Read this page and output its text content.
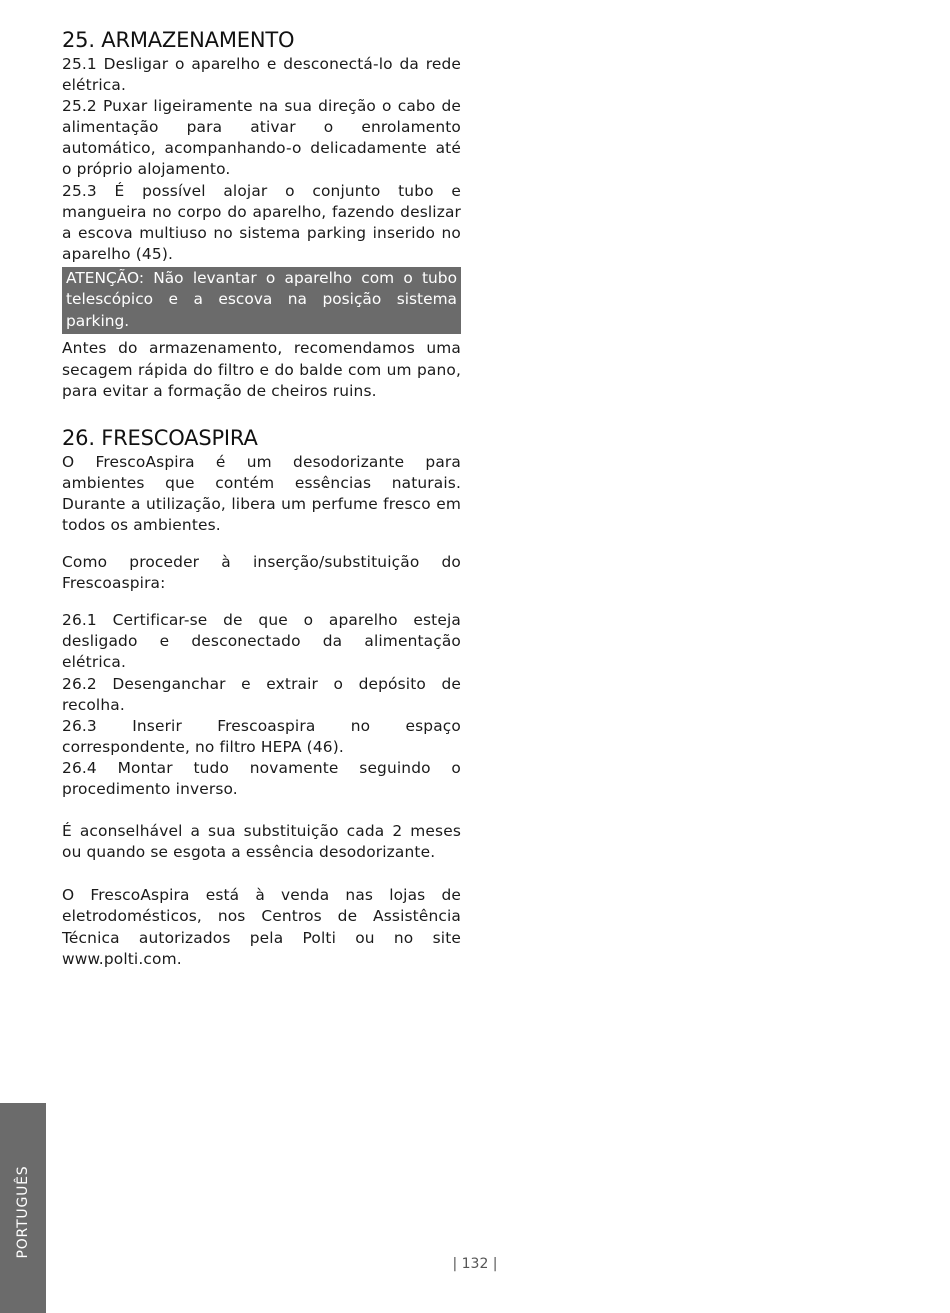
25. ARMAZENAMENTO

25.1 Desligar o aparelho e desconectá-lo da rede elétrica.

25.2 Puxar ligeiramente na sua direção o cabo de alimentação para ativar o enrolamento automático, acompanhando-o delicadamente até o próprio alojamento.

25.3 É possível alojar o conjunto tubo e mangueira no corpo do aparelho, fazendo deslizar a escova multiuso no sistema parking inserido no aparelho (45).

ATENÇÃO: Não levantar o aparelho com o tubo telescópico e a escova na posição sistema parking.

Antes do armazenamento, recomendamos uma secagem rápida do filtro e do balde com um pano, para evitar a formação de cheiros ruins.

26. FRESCOASPIRA

O FrescoAspira é um desodorizante para ambientes que contém essências naturais. Durante a utilização, libera um perfume fresco em todos os ambientes.

Como proceder à inserção/substituição do Frescoaspira:

26.1 Certificar-se de que o aparelho esteja desligado e desconectado da alimentação elétrica.

26.2 Desenganchar e extrair o depósito de recolha.

26.3 Inserir Frescoaspira no espaço correspondente, no filtro HEPA (46).

26.4 Montar tudo novamente seguindo o procedimento inverso.

É aconselhável a sua substituição cada 2 meses ou quando se esgota a essência desodorizante.

O FrescoAspira está à venda nas lojas de eletrodomésticos, nos Centros de Assistência Técnica autorizados pela Polti ou no site www.polti.com.

PORTUGUÊS
| 132 |
